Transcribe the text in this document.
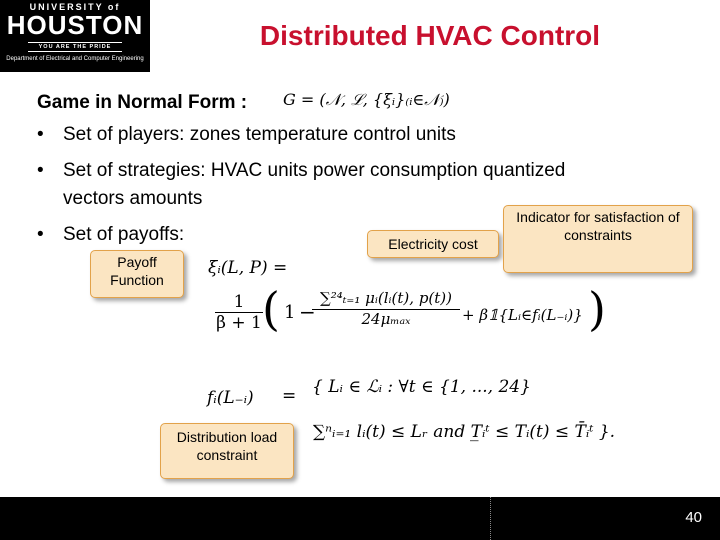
UNIVERSITY of
HOUSTON
YOU ARE THE PRIDE
Department of Electrical and Computer Engineering
Distributed HVAC Control
Game in Normal Form : G = (𝒩, ℒ, {ξᵢ}₍ᵢ∈𝒩₎)
• Set of players: zones temperature control units
• Set of strategies: HVAC units power consumption quantized
vectors amounts
• Set of payoffs:	Electricity cost
Indicator for satisfaction of constraints
Payoff Function
Distribution load constraint
ξᵢ(L, P) =
$\frac{1}{\beta + 1}$ ( 1 −
∑²⁴ₜ₌₁ μᵢ(lᵢ(t), p(t))
24μₘₐₓ	+ β𝟙{Lᵢ∈fᵢ(L₋ᵢ)} )
fᵢ(L₋ᵢ) = { Lᵢ ∈ ℒᵢ : ∀t ∈ {1, ..., 24}
∑ⁿᵢ₌₁ lᵢ(t) ≤ Lᵣ and T̲ᵢᵗ ≤ Tᵢ(t) ≤ T̄ᵢᵗ }.
40
